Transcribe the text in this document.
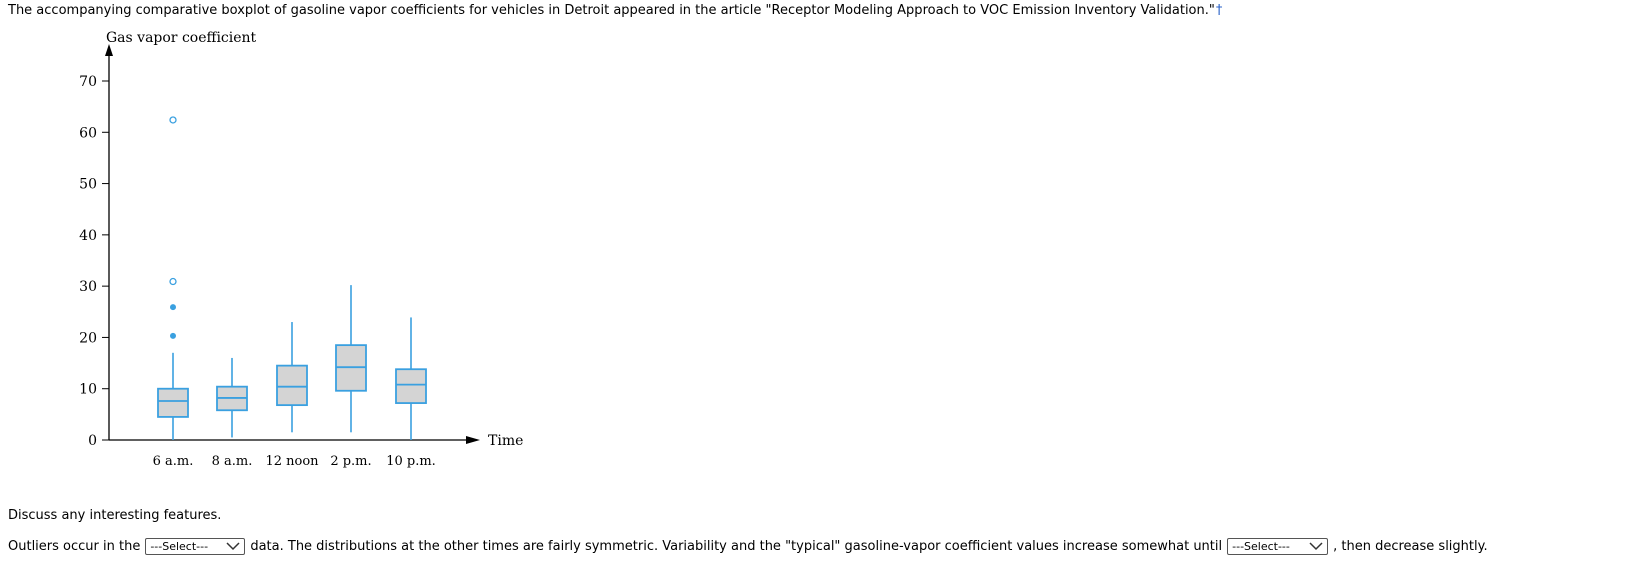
The accompanying comparative boxplot of gasoline vapor coefficients for vehicles in Detroit appeared in the article "Receptor Modeling Approach to VOC Emission Inventory Validation."†
Gas vapor coefficient
Time
0
10
20
30
40
50
60
70
6 a.m. 8 a.m. 12 noon 2 p.m. 10 p.m.
Discuss any interesting features.
Outliers occur in the ---Select---	data. The distributions at the other times are fairly symmetric. Variability and the "typical" gasoline-vapor coefficient values increase somewhat until ---Select---	, then decrease slightly.
